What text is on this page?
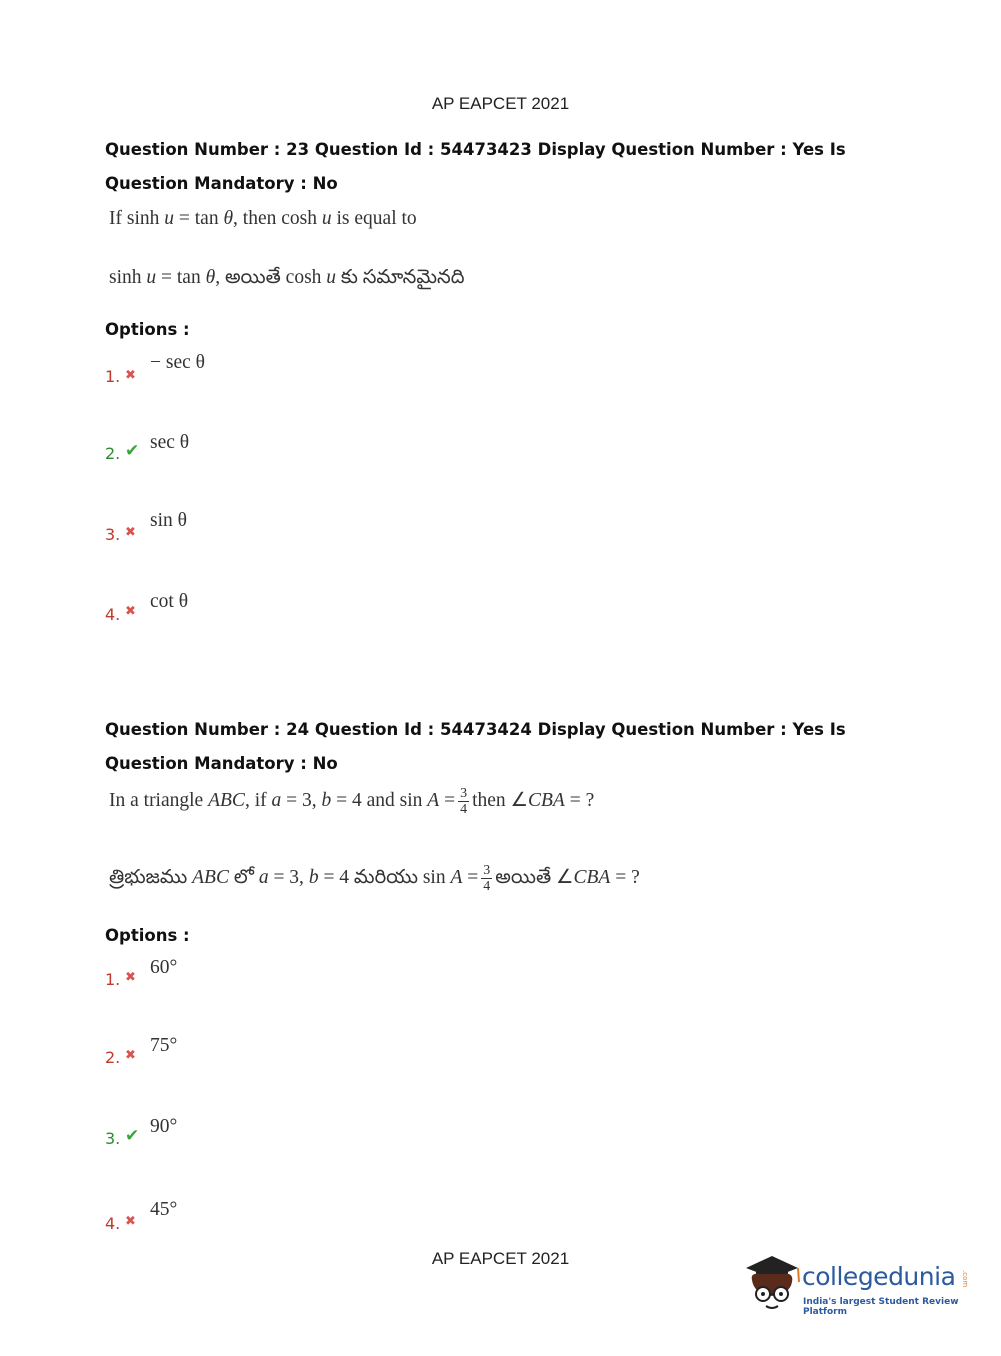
AP EAPCET 2021
Question Number : 23 Question Id : 54473423 Display Question Number : Yes Is Question Mandatory : No
If sinh u = tan θ, then cosh u is equal to
sinh u = tan θ, అయితే cosh u కు సమానమైనది
Options :
1. ✖
− sec θ
2. ✔ sec θ
3. ✖
sin θ
4. ✖ cot θ
Question Number : 24 Question Id : 54473424 Display Question Number : Yes Is Question Mandatory : No
In a triangle ABC, if a = 3, b = 4 and $\sin A = \frac{3}{4}$ then ∠CBA = ?
త్రిభుజము ABC లో a = 3, b = 4 మరియు $\sin A = \frac{3}{4}$ అయితే ∠CBA = ?
Options :
1. ✖ 60°
2. ✖ 75°
3. ✔ 90°
4. ✖
45°
AP EAPCET 2021
collegedunia
India's largest Student Review Platform
.com
